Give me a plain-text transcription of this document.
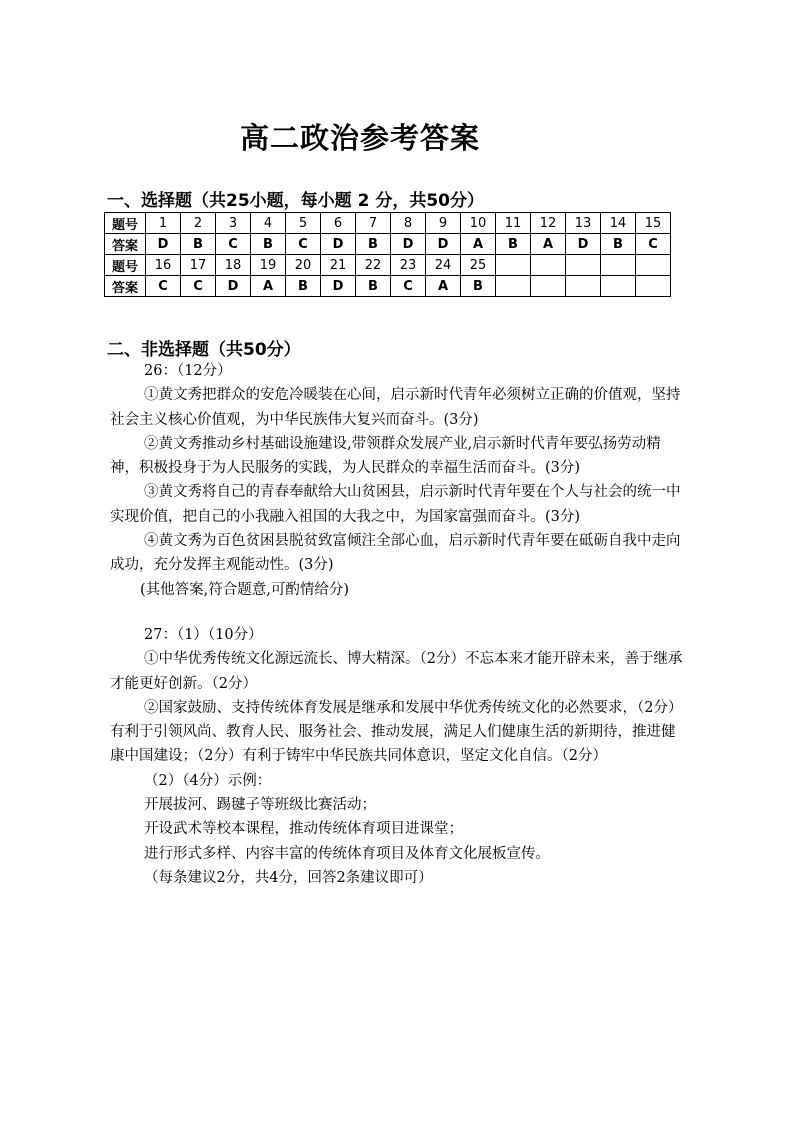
高二政治参考答案
一、选择题（共25小题，每小题 2 分，共50分）
题号	1	2	3	4	5	6	7	8	9	10	11	12	13	14	15
答案	D	B	C	B	C	D	B	D	D	A	B	A	D	B	C
题号	16	17	18	19	20	21	22	23	24	25					
答案	C	C	D	A	B	D	B	C	A	B					
二、非选择题（共50分）

26：（12分）

①黄文秀把群众的安危冷暖装在心间，启示新时代青年必须树立正确的价值观，坚持社会主义核心价值观，为中华民族伟大复兴而奋斗。(3分)

②黄文秀推动乡村基础设施建设,带领群众发展产业,启示新时代青年要弘扬劳动精神，积极投身于为人民服务的实践，为人民群众的幸福生活而奋斗。(3分)

③黄文秀将自己的青春奉献给大山贫困县，启示新时代青年要在个人与社会的统一中实现价值，把自己的小我融入祖国的大我之中，为国家富强而奋斗。(3分)

④黄文秀为百色贫困县脱贫致富倾注全部心血，启示新时代青年要在砥砺自我中走向成功，充分发挥主观能动性。(3分)

(其他答案,符合题意,可酌情给分)

27：（1）（10分）

①中华优秀传统文化源远流长、博大精深。（2分）不忘本来才能开辟未来，善于继承才能更好创新。（2分）

②国家鼓励、支持传统体育发展是继承和发展中华优秀传统文化的必然要求，（2分）有利于引领风尚、教育人民、服务社会、推动发展，满足人们健康生活的新期待，推进健康中国建设；（2分）有利于铸牢中华民族共同体意识，坚定文化自信。（2分）

（2）（4分）示例：

开展拔河、踢毽子等班级比赛活动；

开设武术等校本课程，推动传统体育项目进课堂；

进行形式多样、内容丰富的传统体育项目及体育文化展板宣传。

（每条建议2分，共4分，回答2条建议即可）
